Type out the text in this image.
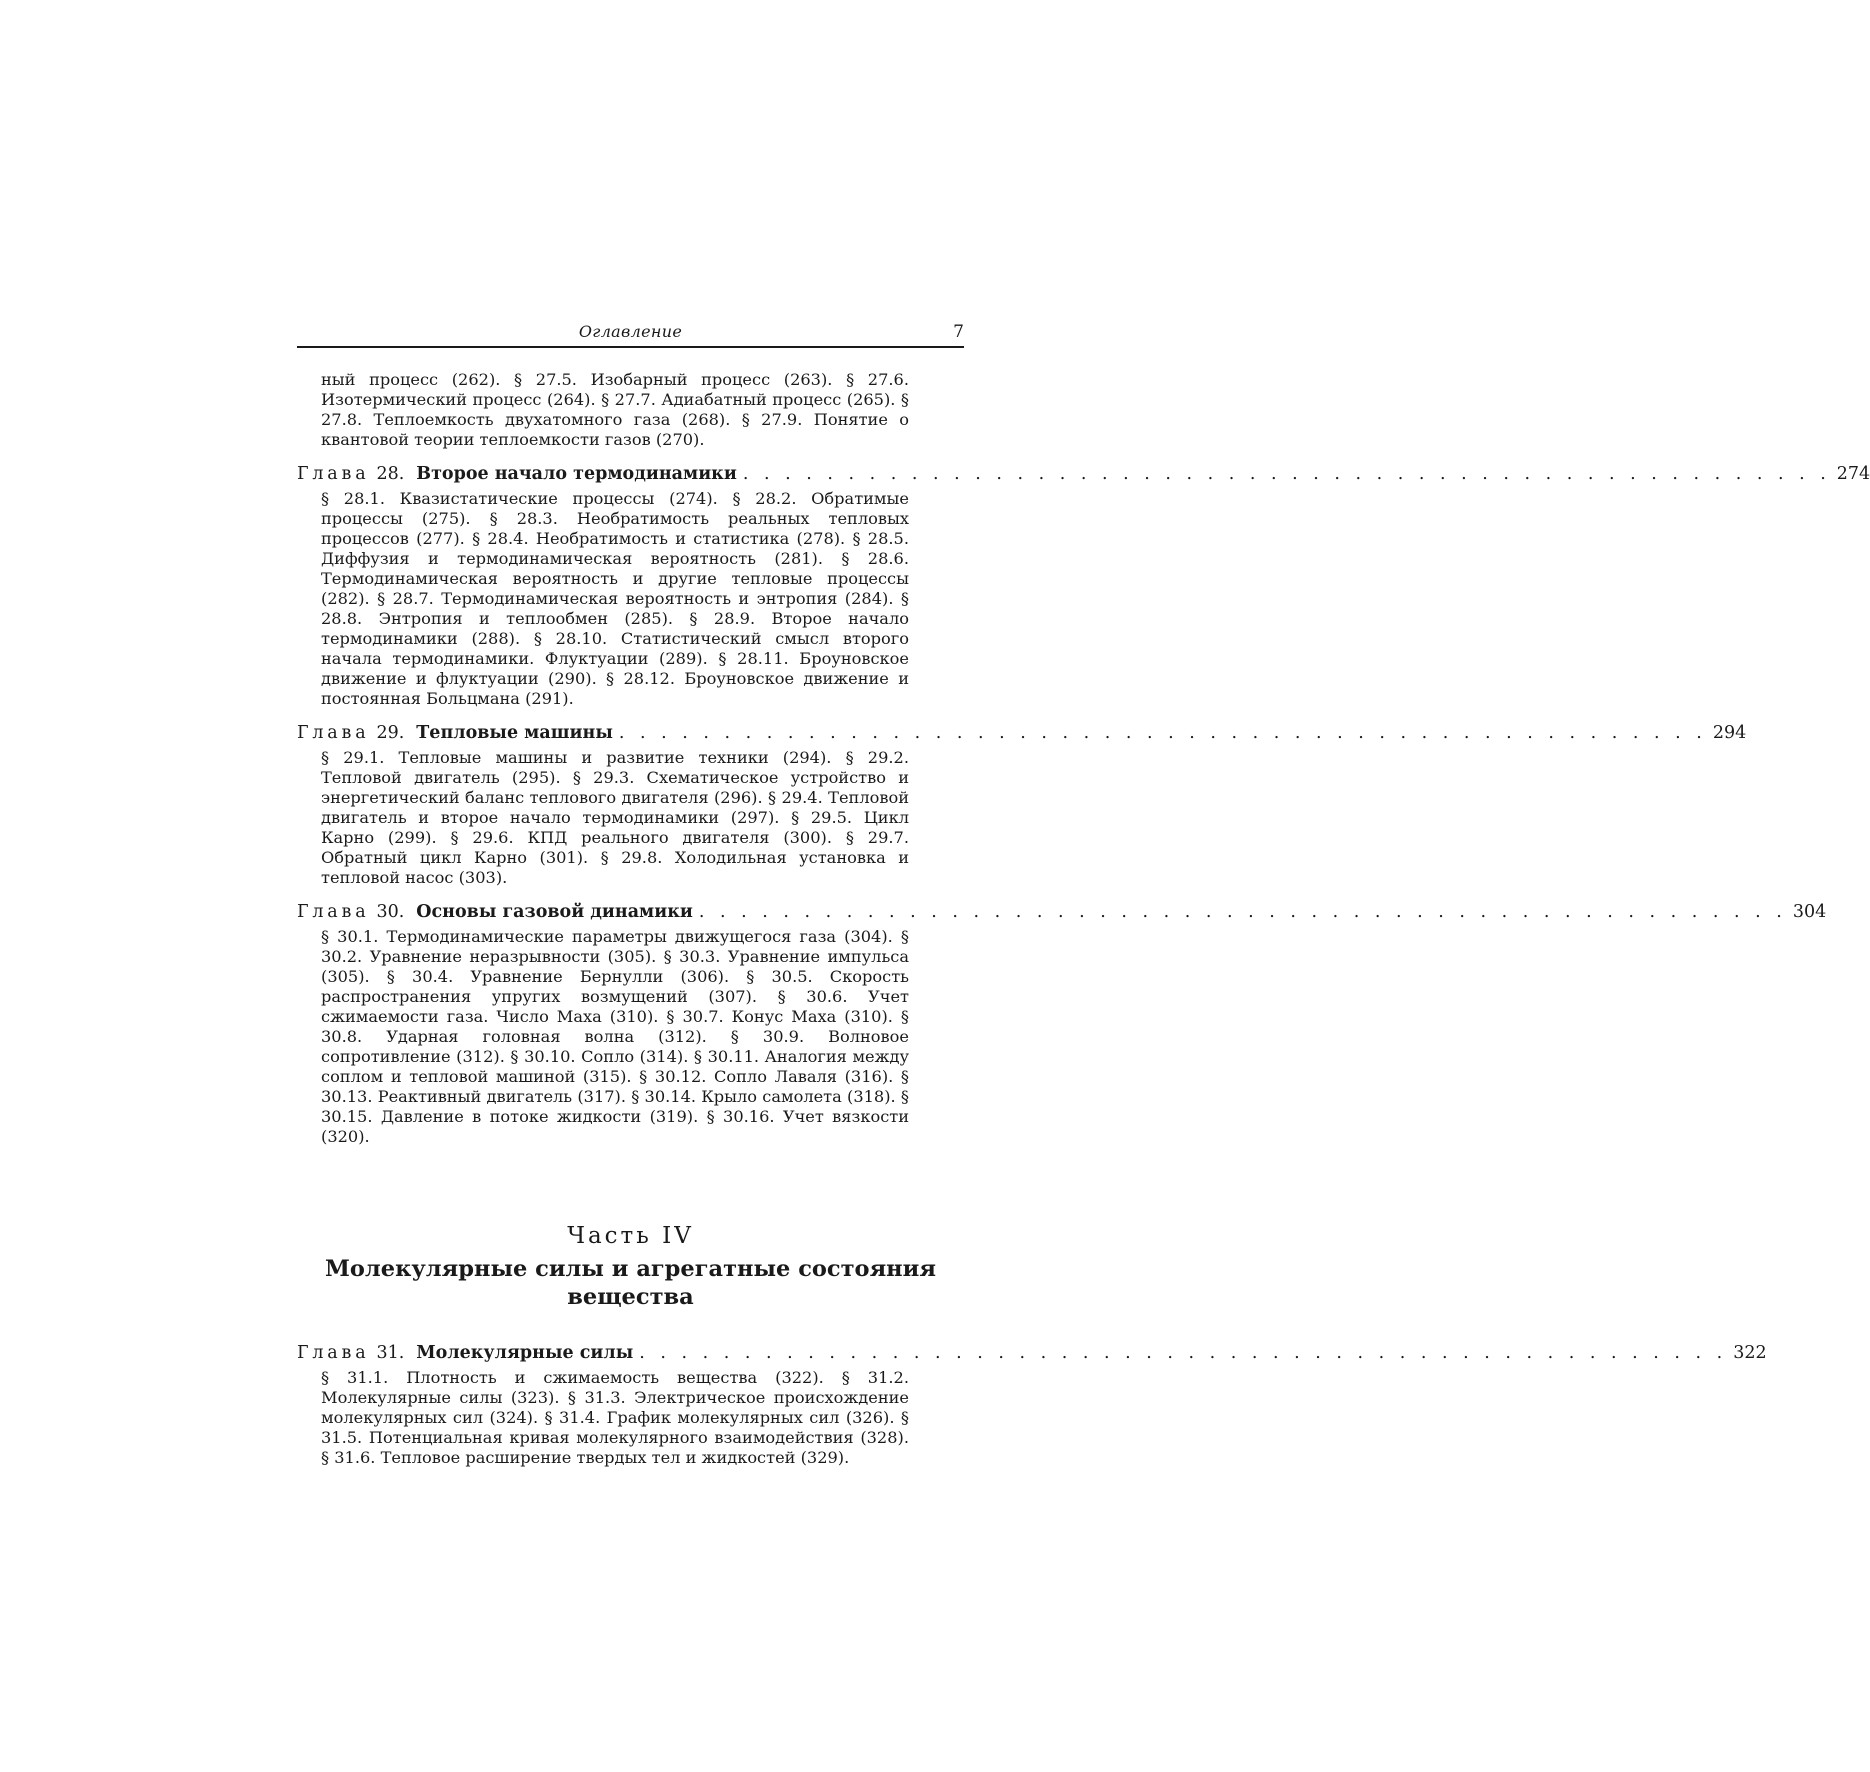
Оглавление	7

ный процесс (262). § 27.5. Изобарный процесс (263). § 27.6. Изотермический процесс (264). § 27.7. Адиабатный процесс (265). § 27.8. Теплоемкость двухатомного газа (268). § 27.9. Понятие о квантовой теории теплоемкости газов (270).

Глава 28. Второе начало термодинамики . . . . . . . . . . . . . . . . . . . . . . . . . . . . . . . . . . . . . . . . . . . . . . . . . . . . 274

§ 28.1. Квазистатические процессы (274). § 28.2. Обратимые процессы (275). § 28.3. Необратимость реальных тепловых процессов (277). § 28.4. Необратимость и статистика (278). § 28.5. Диффузия и термодинамическая вероятность (281). § 28.6. Термодинамическая вероятность и другие тепловые процессы (282). § 28.7. Термодинамическая вероятность и энтропия (284). § 28.8. Энтропия и теплообмен (285). § 28.9. Второе начало термодинамики (288). § 28.10. Статистический смысл второго начала термодинамики. Флуктуации (289). § 28.11. Броуновское движение и флуктуации (290). § 28.12. Броуновское движение и постоянная Больцмана (291).

Глава 29. Тепловые машины . . . . . . . . . . . . . . . . . . . . . . . . . . . . . . . . . . . . . . . . . . . . . . . . . . . . 294

§ 29.1. Тепловые машины и развитие техники (294). § 29.2. Тепловой двигатель (295). § 29.3. Схематическое устройство и энергетический баланс теплового двигателя (296). § 29.4. Тепловой двигатель и второе начало термодинамики (297). § 29.5. Цикл Карно (299). § 29.6. КПД реального двигателя (300). § 29.7. Обратный цикл Карно (301). § 29.8. Холодильная установка и тепловой насос (303).

Глава 30. Основы газовой динамики . . . . . . . . . . . . . . . . . . . . . . . . . . . . . . . . . . . . . . . . . . . . . . . . . . . . 304

§ 30.1. Термодинамические параметры движущегося газа (304). § 30.2. Уравнение неразрывности (305). § 30.3. Уравнение импульса (305). § 30.4. Уравнение Бернулли (306). § 30.5. Скорость распространения упругих возмущений (307). § 30.6. Учет сжимаемости газа. Число Маха (310). § 30.7. Конус Маха (310). § 30.8. Ударная головная волна (312). § 30.9. Волновое сопротивление (312). § 30.10. Сопло (314). § 30.11. Аналогия между соплом и тепловой машиной (315). § 30.12. Сопло Лаваля (316). § 30.13. Реактивный двигатель (317). § 30.14. Крыло самолета (318). § 30.15. Давление в потоке жидкости (319). § 30.16. Учет вязкости (320).

Часть IV
Молекулярные силы и агрегатные состояния
вещества
Глава 31. Молекулярные силы . . . . . . . . . . . . . . . . . . . . . . . . . . . . . . . . . . . . . . . . . . . . . . . . . . . . 322

§ 31.1. Плотность и сжимаемость вещества (322). § 31.2. Молекулярные силы (323). § 31.3. Электрическое происхождение молекулярных сил (324). § 31.4. График молекулярных сил (326). § 31.5. Потенциальная кривая молекулярного взаимодействия (328). § 31.6. Тепловое расширение твердых тел и жидкостей (329).
